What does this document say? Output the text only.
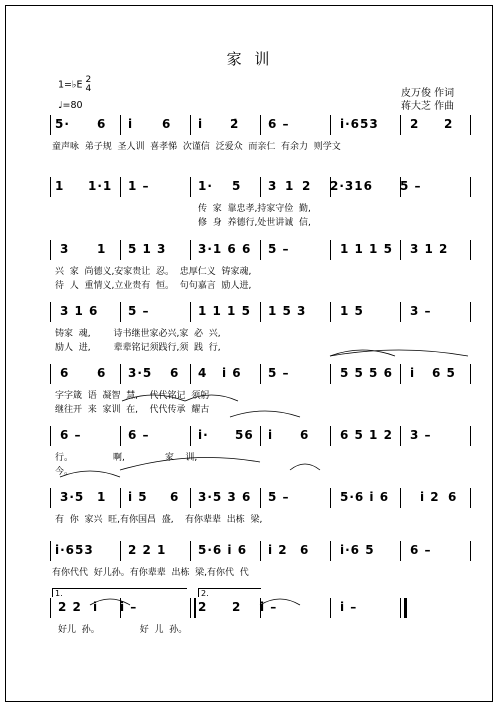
家 训
皮万俊 作词
蒋大芝 作曲
1=♭E 2
4
♩=80
5· 6 i 6 i 2̇ 6 –	i·653	2 2
童声咏  弟子规  圣人训  喜孝悌  次谨信  泛爱众  而亲仁  有余力  则学文
1 1·1 1 –	1· 5 3 1 2 2·316 5 –
传  家  靠忠孝,持家守俭  勤,
修  身  养德行,处世讲诚  信,
3 1 5 1 3	3·1 6 6 5 –	1 1 1 5 3 1 2
兴  家  尚德义,安家贵让  忍。  忠厚仁义  铸家魂,
待  人  重情义,立业贵有  恒。  句句嘉言  励人进,
3 1 6 5 –	1 1 1 5 1 5 3	1 5	3 –
铸家  魂,        诗书继世家必兴,家  必  兴,
励人  进,        辈辈铭记须践行,须  践  行,
6 6 3·5 6 4 i 6 5 –	5 5 5 6 i 6 5
字字箴  语  凝智  慧,    代代铭记  须躬
继往开  来  家训  在,    代代传承  耀古
6 –	6 –	i· 56 i 6	6 5 1 2 3 –
行。              啊,              家    训,
今。
3·5 1 i 5 6 3·5 3 6 5 –	5·6 i 6	i 2 6
有  你  家兴  旺,有你国昌  盛,    有你辈辈  出栋  梁,
i·653	2 2 1	5·6 i 6 i 2 6	i·6 5	6 –
有你代代  好儿孙。有你辈辈  出栋  梁,有你代  代
2 2 i i –	2 2 i –	i –
1.	2.
好儿  孙。              好  儿  孙。
